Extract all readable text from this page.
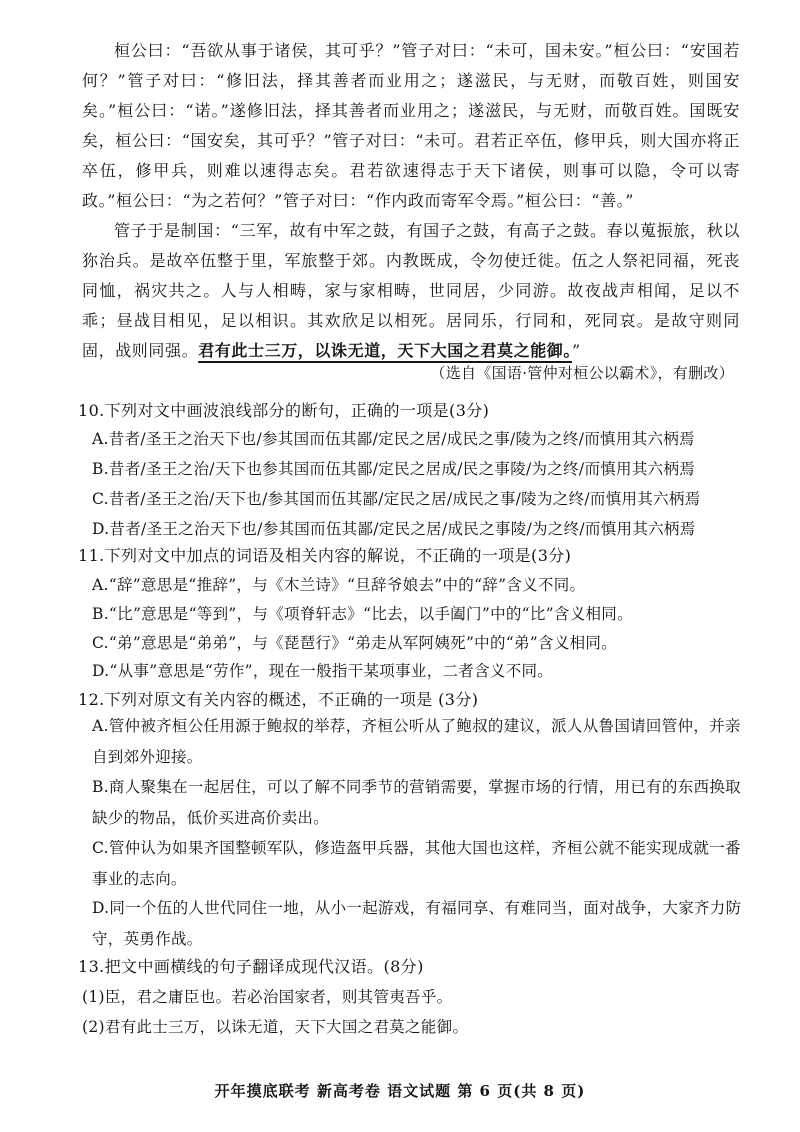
桓公曰：“吾欲从事于诸侯，其可乎？”管子对曰：“未可，国未安。”桓公曰：“安国若何？”管子对曰：“修旧法，择其善者而业用之；遂滋民，与无财，而敬百姓，则国安矣。”桓公曰：“诺。”遂修旧法，择其善者而业用之；遂滋民，与无财，而敬百姓。国既安矣，桓公曰：“国安矣，其可乎？”管子对曰：“未可。君若正卒伍，修甲兵，则大国亦将正卒伍，修甲兵，则难以速得志矣。君若欲速得志于天下诸侯，则事可以隐，令可以寄政。”桓公曰：“为之若何？”管子对曰：“作内政而寄军令焉。”桓公曰：“善。”

管子于是制国：“三军，故有中军之鼓，有国子之鼓，有高子之鼓。春以蒐振旅，秋以狝治兵。是故卒伍整于里，军旅整于郊。内教既成，令勿使迁徙。伍之人祭祀同福，死丧同恤，祸灾共之。人与人相畴，家与家相畴，世同居，少同游。故夜战声相闻，足以不乖；昼战目相见，足以相识。其欢欣足以相死。居同乐，行同和，死同哀。是故守则同固，战则同强。君有此士三万，以诛无道，天下大国之君莫之能御。”

（选自《国语·管仲对桓公以霸术》，有删改）

10.下列对文中画波浪线部分的断句，正确的一项是(3分)

A.昔者/圣王之治天下也/参其国而伍其鄙/定民之居/成民之事/陵为之终/而慎用其六柄焉

B.昔者/圣王之治/天下也参其国而伍其鄙/定民之居成/民之事陵/为之终/而慎用其六柄焉

C.昔者/圣王之治/天下也/参其国而伍其鄙/定民之居/成民之事/陵为之终/而慎用其六柄焉

D.昔者/圣王之治天下也/参其国而伍其鄙/定民之居/成民之事陵/为之终/而慎用其六柄焉

11.下列对文中加点的词语及相关内容的解说，不正确的一项是(3分)

A.“辞”意思是“推辞”，与《木兰诗》“旦辞爷娘去”中的“辞”含义不同。

B.“比”意思是“等到”，与《项脊轩志》“比去，以手阖门”中的“比”含义相同。

C.“弟”意思是“弟弟”，与《琵琶行》“弟走从军阿姨死”中的“弟”含义相同。

D.“从事”意思是“劳作”，现在一般指干某项事业，二者含义不同。

12.下列对原文有关内容的概述，不正确的一项是 (3分)

A.管仲被齐桓公任用源于鲍叔的举荐，齐桓公听从了鲍叔的建议，派人从鲁国请回管仲，并亲自到郊外迎接。

B.商人聚集在一起居住，可以了解不同季节的营销需要，掌握市场的行情，用已有的东西换取缺少的物品，低价买进高价卖出。

C.管仲认为如果齐国整顿军队，修造盔甲兵器，其他大国也这样，齐桓公就不能实现成就一番事业的志向。

D.同一个伍的人世代同住一地，从小一起游戏，有福同享、有难同当，面对战争，大家齐力防守，英勇作战。

13.把文中画横线的句子翻译成现代汉语。(8分)

(1)臣，君之庸臣也。若必治国家者，则其管夷吾乎。

(2)君有此士三万，以诛无道，天下大国之君莫之能御。

开年摸底联考 新高考卷 语文试题 第 6 页(共 8 页)
